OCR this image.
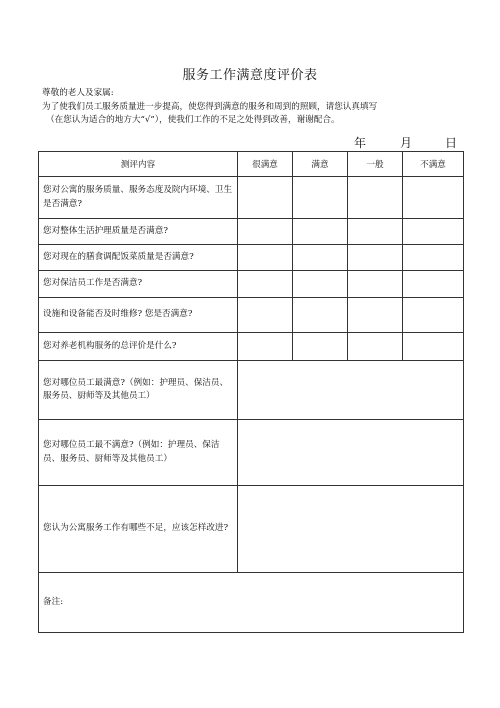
服务工作满意度评价表
尊敬的老人及家属:
为了使我们员工服务质量进一步提高，使您得到满意的服务和周到的照顾，请您认真填写
（在您认为适合的地方大“√”），使我们工作的不足之处得到改善，谢谢配合。
年	月	日
测评内容	很满意	满意	一般	不满意
您对公寓的服务质量、服务态度及院内环境、卫生是否满意?				
您对整体生活护理质量是否满意?				
您对现在的膳食调配饭菜质量是否满意?				
您对保洁员工作是否满意?				
设施和设备能否及时维修? 您是否满意?				
您对养老机构服务的总评价是什么?				
您对哪位员工最满意?（例如：护理员、保洁员、服务员、厨师等及其他员工）				
您对哪位员工最不满意?（例如：护理员、保洁员、服务员、厨师等及其他员工）				
您认为公寓服务工作有哪些不足，应该怎样改进?				
备注:				
